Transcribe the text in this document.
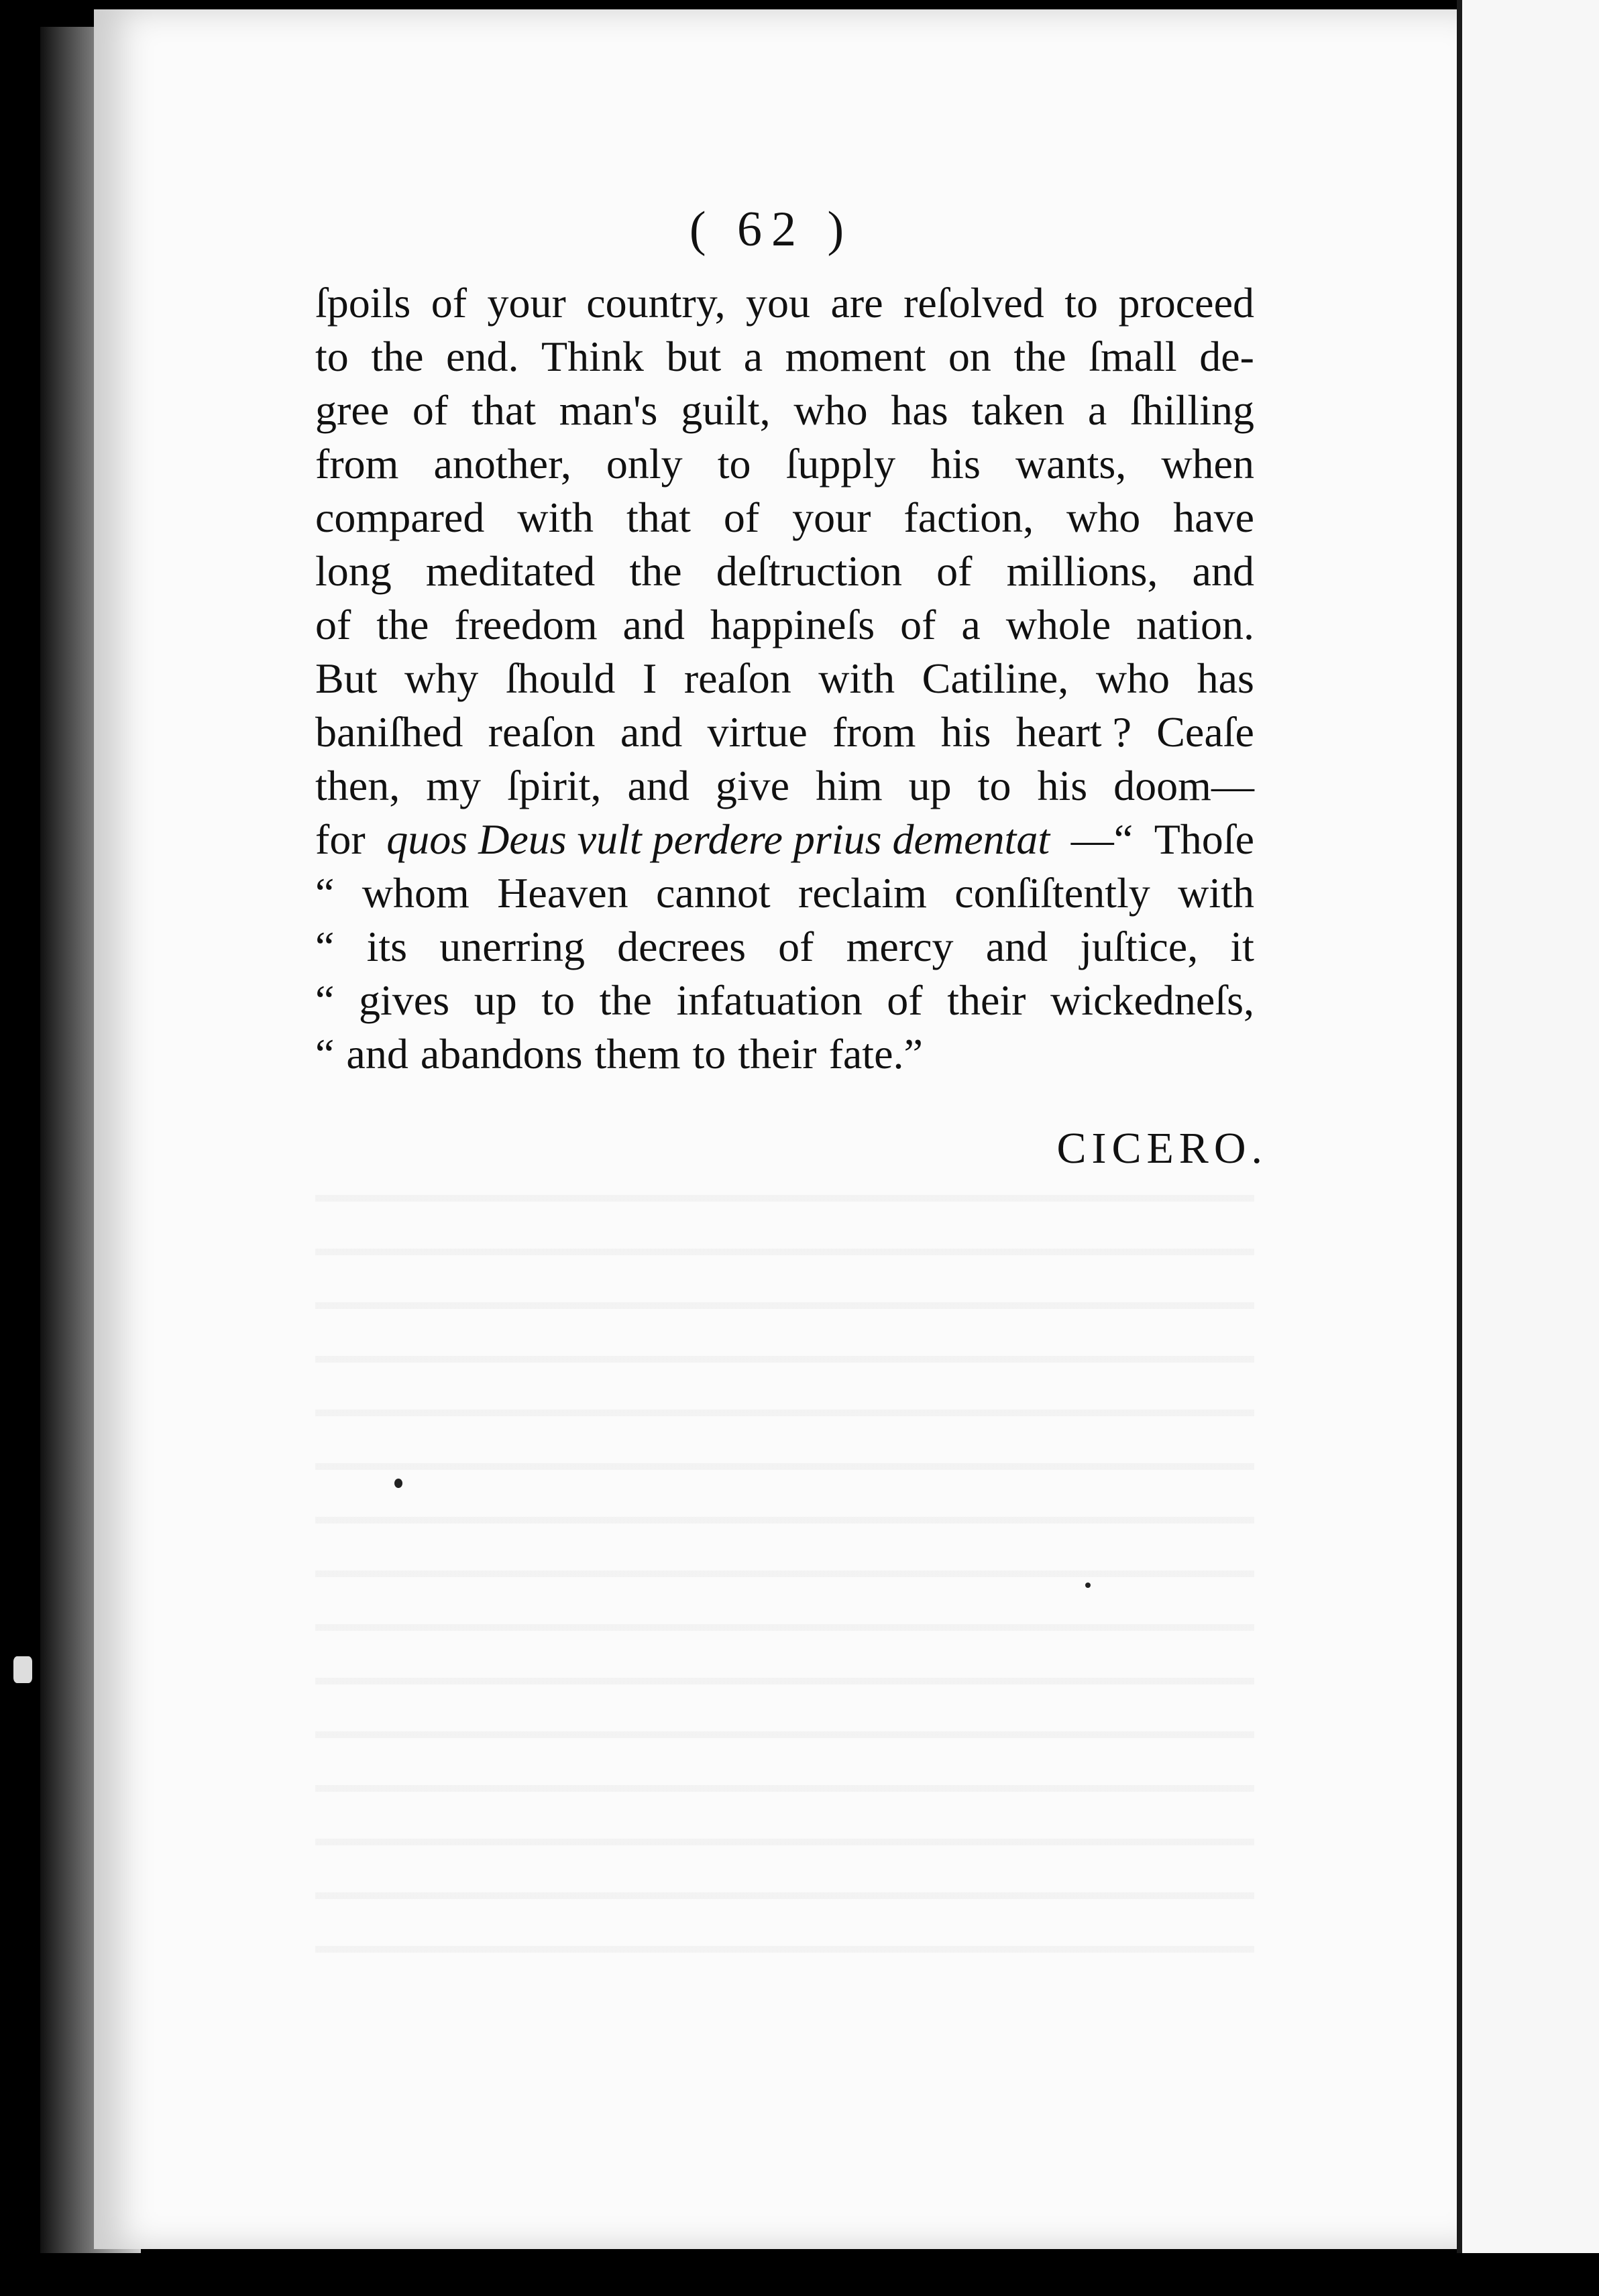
( 62 )
ſpoils of your country, you are reſolved to proceed
to the end. Think but a moment on the ſmall de-
gree of that man's guilt, who has taken a ſhilling
from another, only to ſupply his wants, when
compared with that of your faction, who have
long meditated the deſtruction of millions, and
of the freedom and happineſs of a whole nation.
But why ſhould I reaſon with Catiline, who has
baniſhed reaſon and virtue from his heart ? Ceaſe
then, my ſpirit, and give him up to his doom—
for quos Deus vult perdere prius dementat —“ Thoſe
“ whom Heaven cannot reclaim conſiſtently with
“ its unerring decrees of mercy and juſtice, it
“ gives up to the infatuation of their wickedneſs,
“ and abandons them to their fate.”
CICERO.
